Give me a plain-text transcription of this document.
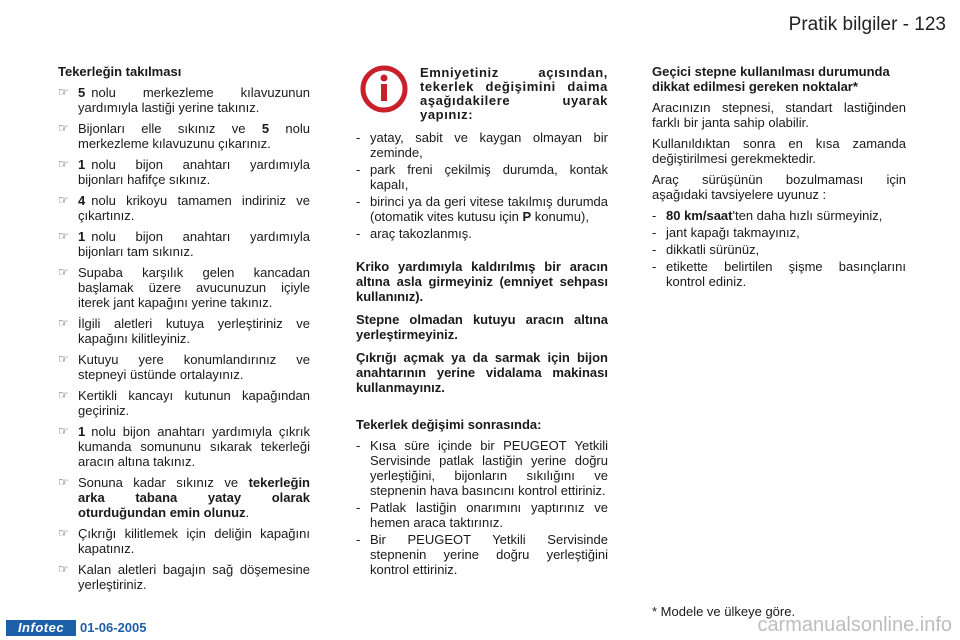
Pratik bilgiler - 123
Tekerleğin takılması
☞ 5 nolu merkezleme kılavuzunun yardımıyla lastiği yerine takınız.
☞ Bijonları elle sıkınız ve 5 nolu merkezleme kılavuzunu çıkarınız.
☞ 1 nolu bijon anahtarı yardımıyla bijonları hafifçe sıkınız.
☞ 4 nolu krikoyu tamamen indiriniz ve çıkartınız.
☞ 1 nolu bijon anahtarı yardımıyla bijonları tam sıkınız.
☞ Supaba karşılık gelen kancadan başlamak üzere avucunuzun içiyle iterek jant kapağını yerine takınız.
☞ İlgili aletleri kutuya yerleştiriniz ve kapağını kilitleyiniz.
☞ Kutuyu yere konumlandırınız ve stepneyi üstünde ortalayınız.
☞ Kertikli kancayı kutunun kapağından geçiriniz.
☞ 1 nolu bijon anahtarı yardımıyla çıkrık kumanda somununu sıkarak tekerleği aracın altına takınız.
☞ Sonuna kadar sıkınız ve tekerleğin arka tabana yatay olarak oturduğundan emin olunuz.
☞ Çıkrığı kilitlemek için deliğin kapağını kapatınız.
☞ Kalan aletleri bagajın sağ döşemesine yerleştiriniz.
Emniyetiniz açısından, tekerlek değişimini daima aşağıdakilere uyarak yapınız:
- yatay, sabit ve kaygan olmayan bir zeminde,
- park freni çekilmiş durumda, kontak kapalı,
- birinci ya da geri vitese takılmış durumda (otomatik vites kutusu için P konumu),
- araç takozlanmış.

Kriko yardımıyla kaldırılmış bir aracın altına asla girmeyiniz (emniyet sehpası kullanınız).

Stepne olmadan kutuyu aracın altına yerleştirmeyiniz.

Çıkrığı açmak ya da sarmak için bijon anahtarının yerine vidalama makinası kullanmayınız.

Tekerlek değişimi sonrasında:
- Kısa süre içinde bir PEUGEOT Yetkili Servisinde patlak lastiğin yerine doğru yerleştiğini, bijonların sıkılığını ve stepnenin hava basıncını kontrol ettiriniz.
- Patlak lastiğin onarımını yaptırınız ve hemen araca taktırınız.
- Bir PEUGEOT Yetkili Servisinde stepnenin yerine doğru yerleştiğini kontrol ettiriniz.
Geçici stepne kullanılması durumunda dikkat edilmesi gereken noktalar*

Aracınızın stepnesi, standart lastiğinden farklı bir janta sahip olabilir.

Kullanıldıktan sonra en kısa zamanda değiştirilmesi gerekmektedir.

Araç sürüşünün bozulmaması için aşağıdaki tavsiyelere uyunuz :

- 80 km/saat'ten daha hızlı sürmeyiniz,
- jant kapağı takmayınız,
- dikkatli sürünüz,
- etikette belirtilen şişme basınçlarını kontrol ediniz.
* Modele ve ülkeye göre.
Infotec	01-06-2005	carmanualsonline.info
